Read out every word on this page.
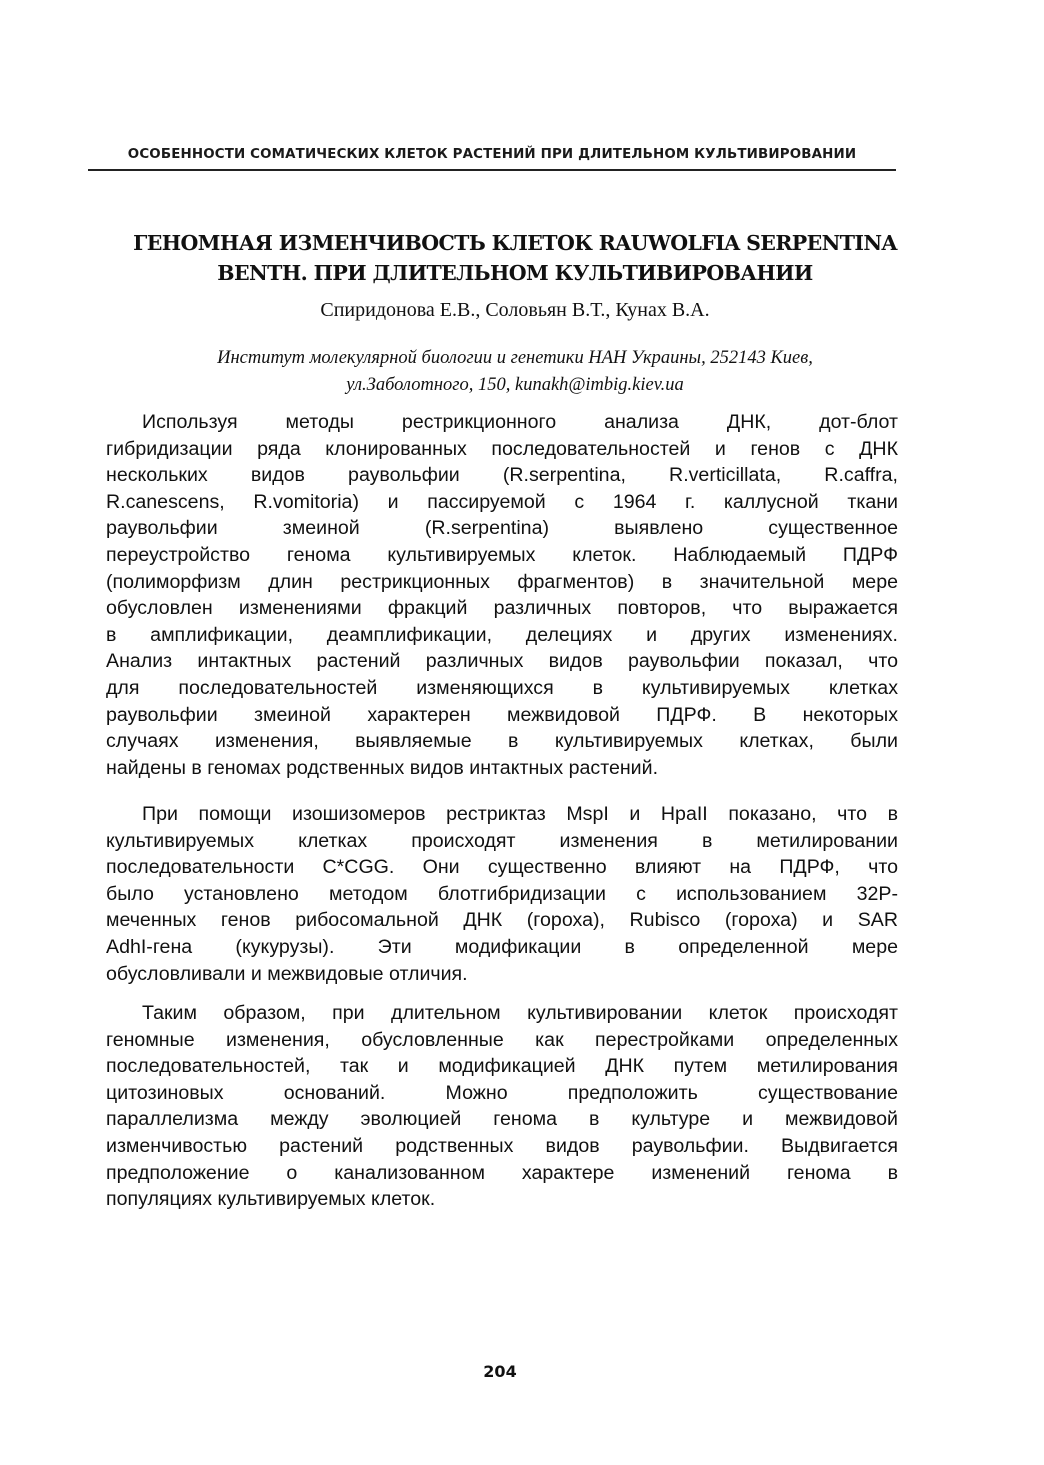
ОСОБЕННОСТИ СОМАТИЧЕСКИХ КЛЕТОК РАСТЕНИЙ ПРИ ДЛИТЕЛЬНОМ КУЛЬТИВИРОВАНИИ
ГЕНОМНАЯ ИЗМЕНЧИВОСТЬ КЛЕТОК RAUWOLFIA SERPENTINA
BENTH. ПРИ ДЛИТЕЛЬНОМ КУЛЬТИВИРОВАНИИ
Спиридонова Е.В., Соловьян В.Т., Кунах В.А.
Институт молекулярной биологии и генетики НАН Украины, 252143 Киев,
ул.Заболотного, 150, kunakh@imbig.kiev.ua
Используя методы рестрикционного анализа ДНК, дот-блот
гибридизации ряда клонированных последовательностей и генов с ДНК
нескольких видов раувольфии (R.serpentina, R.verticillata, R.caffra,
R.canescens, R.vomitoria) и пассируемой с 1964 г. каллусной ткани
раувольфии змеиной (R.serpentina) выявлено существенное
переустройство генома культивируемых клеток. Наблюдаемый ПДРФ
(полиморфизм длин рестрикционных фрагментов) в значительной мере
обусловлен изменениями фракций различных повторов, что выражается
в амплификации, деамплификации, делециях и других изменениях.
Анализ интактных растений различных видов раувольфии показал, что
для последовательностей изменяющихся в культивируемых клетках
раувольфии змеиной характерен межвидовой ПДРФ. В некоторых
случаях изменения, выявляемые в культивируемых клетках, были
найдены в геномах родственных видов интактных растений.
При помощи изошизомеров рестриктаз MspI и HpaII показано, что в
культивируемых клетках происходят изменения в метилировании
последовательности C*CGG. Они существенно влияют на ПДРФ, что
было установлено методом блотгибридизации с использованием 32P-
меченных генов рибосомальной ДНК (гороха), Rubisco (гороха) и SAR
AdhI-гена (кукурузы). Эти модификации в определенной мере
обусловливали и межвидовые отличия.
Таким образом, при длительном культивировании клеток происходят
геномные изменения, обусловленные как перестройками определенных
последовательностей, так и модификацией ДНК путем метилирования
цитозиновых оснований. Можно предположить существование
параллелизма между эволюцией генома в культуре и межвидовой
изменчивостью растений родственных видов раувольфии. Выдвигается
предположение о канализованном характере изменений генома в
популяциях культивируемых клеток.
204
